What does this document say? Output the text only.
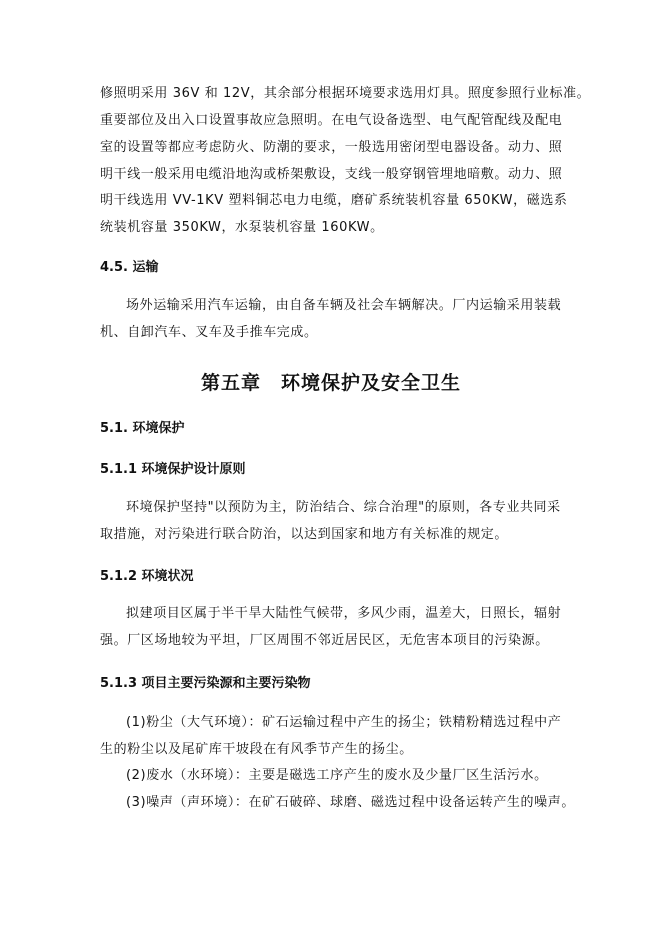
修照明采用 36V 和 12V，其余部分根据环境要求选用灯具。照度参照行业标准。
重要部位及出入口设置事故应急照明。在电气设备选型、电气配管配线及配电
室的设置等都应考虑防火、防潮的要求，一般选用密闭型电器设备。动力、照
明干线一般采用电缆沿地沟或桥架敷设，支线一般穿钢管埋地暗敷。动力、照
明干线选用 VV-1KV 塑料铜芯电力电缆，磨矿系统装机容量 650KW，磁选系
统装机容量 350KW，水泵装机容量 160KW。
4.5. 运输
场外运输采用汽车运输，由自备车辆及社会车辆解决。厂内运输采用装载
机、自卸汽车、叉车及手推车完成。
第五章　环境保护及安全卫生
5.1. 环境保护
5.1.1 环境保护设计原则
环境保护坚持"以预防为主，防治结合、综合治理"的原则，各专业共同采
取措施，对污染进行联合防治，以达到国家和地方有关标准的规定。
5.1.2 环境状况
拟建项目区属于半干旱大陆性气候带，多风少雨，温差大，日照长，辐射
强。厂区场地较为平坦，厂区周围不邻近居民区，无危害本项目的污染源。
5.1.3 项目主要污染源和主要污染物
(1)粉尘（大气环境）：矿石运输过程中产生的扬尘；铁精粉精选过程中产
生的粉尘以及尾矿库干坡段在有风季节产生的扬尘。
(2)废水（水环境）：主要是磁选工序产生的废水及少量厂区生活污水。
(3)噪声（声环境）：在矿石破碎、球磨、磁选过程中设备运转产生的噪声。
